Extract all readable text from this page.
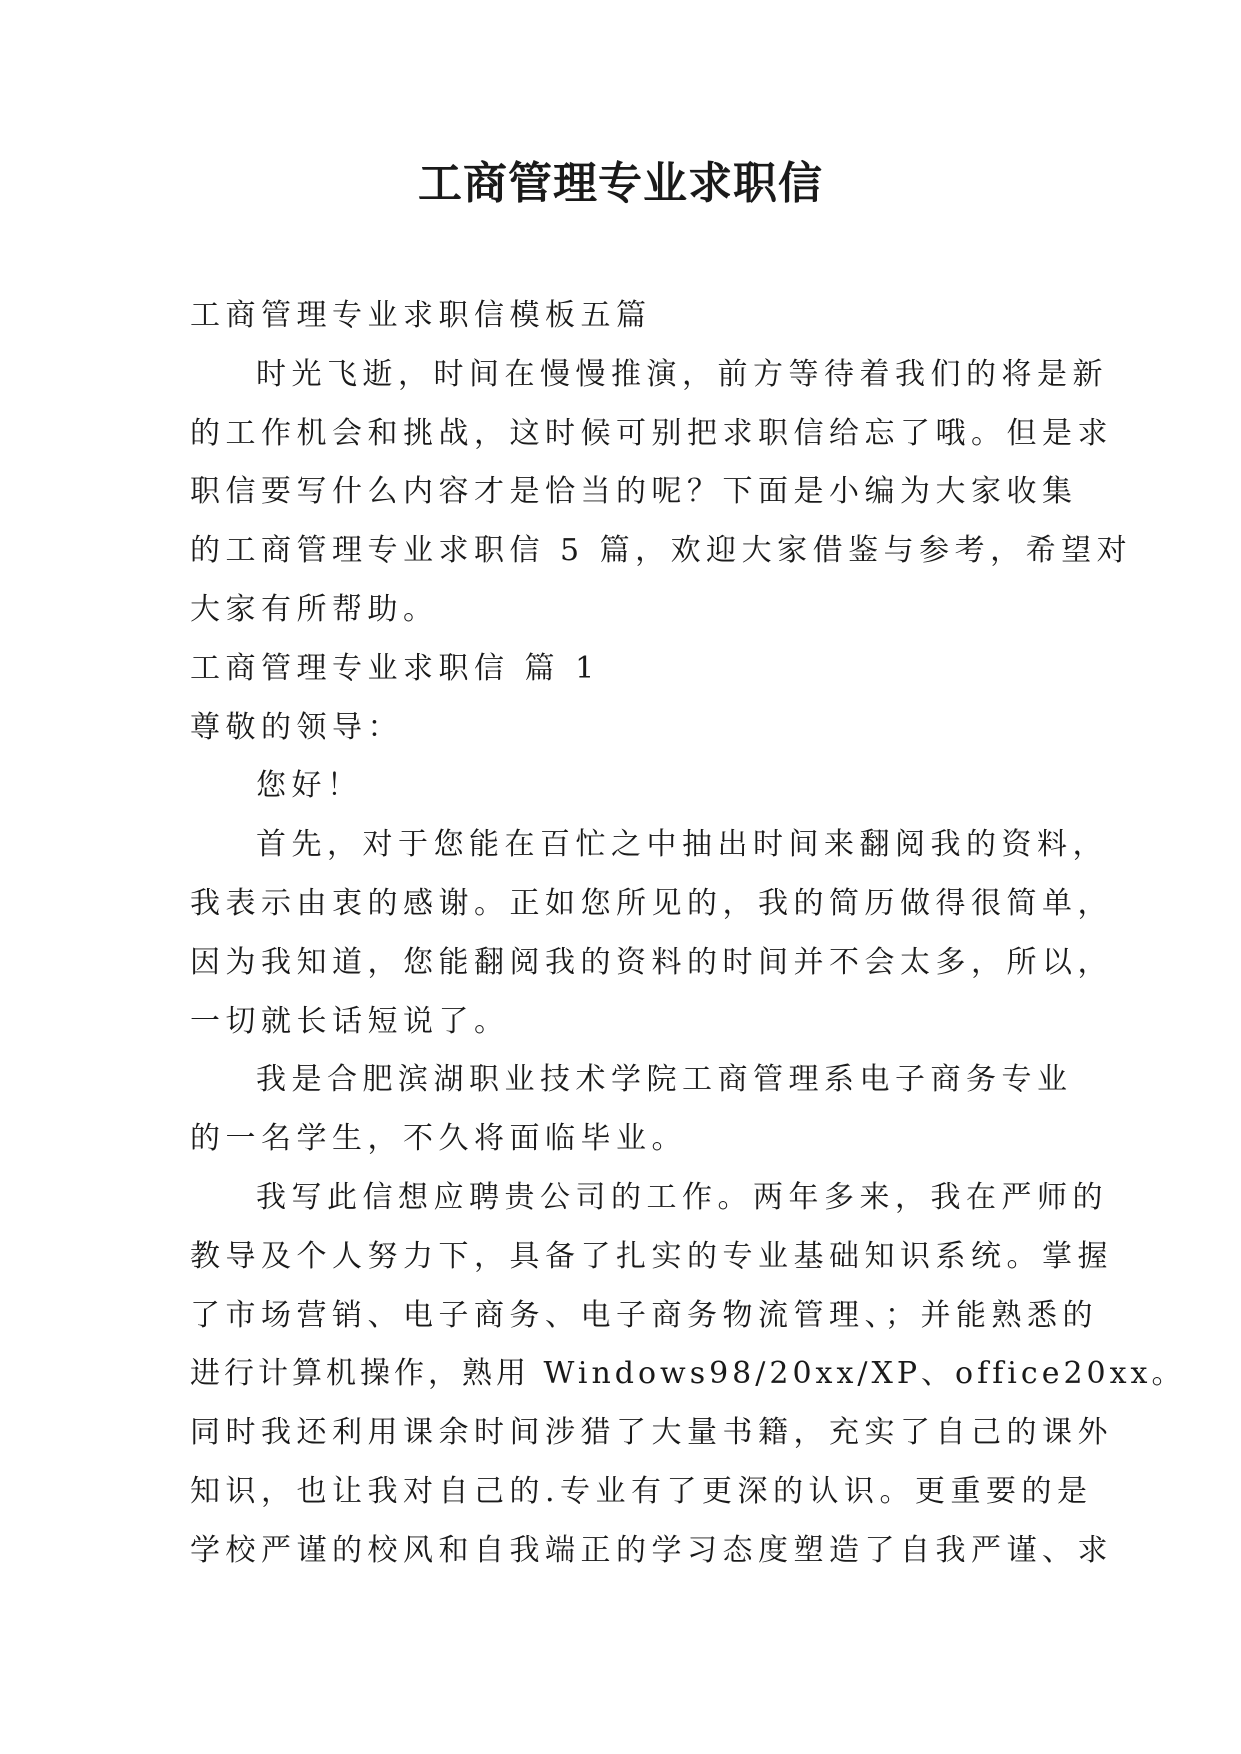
工商管理专业求职信
工商管理专业求职信模板五篇
时光飞逝，时间在慢慢推演，前方等待着我们的将是新
的工作机会和挑战，这时候可别把求职信给忘了哦。但是求
职信要写什么内容才是恰当的呢？下面是小编为大家收集
的工商管理专业求职信 5 篇，欢迎大家借鉴与参考，希望对
大家有所帮助。
工商管理专业求职信 篇 1
尊敬的领导：
您好！
首先，对于您能在百忙之中抽出时间来翻阅我的资料，
我表示由衷的感谢。正如您所见的，我的简历做得很简单，
因为我知道，您能翻阅我的资料的时间并不会太多，所以，
一切就长话短说了。
我是合肥滨湖职业技术学院工商管理系电子商务专业
的一名学生，不久将面临毕业。
我写此信想应聘贵公司的工作。两年多来，我在严师的
教导及个人努力下，具备了扎实的专业基础知识系统。掌握
了市场营销、电子商务、电子商务物流管理、；并能熟悉的
进行计算机操作，熟用 Windows98/20xx/XP、office20xx。
同时我还利用课余时间涉猎了大量书籍，充实了自己的课外
知识，也让我对自己的.专业有了更深的认识。更重要的是
学校严谨的校风和自我端正的学习态度塑造了自我严谨、求
